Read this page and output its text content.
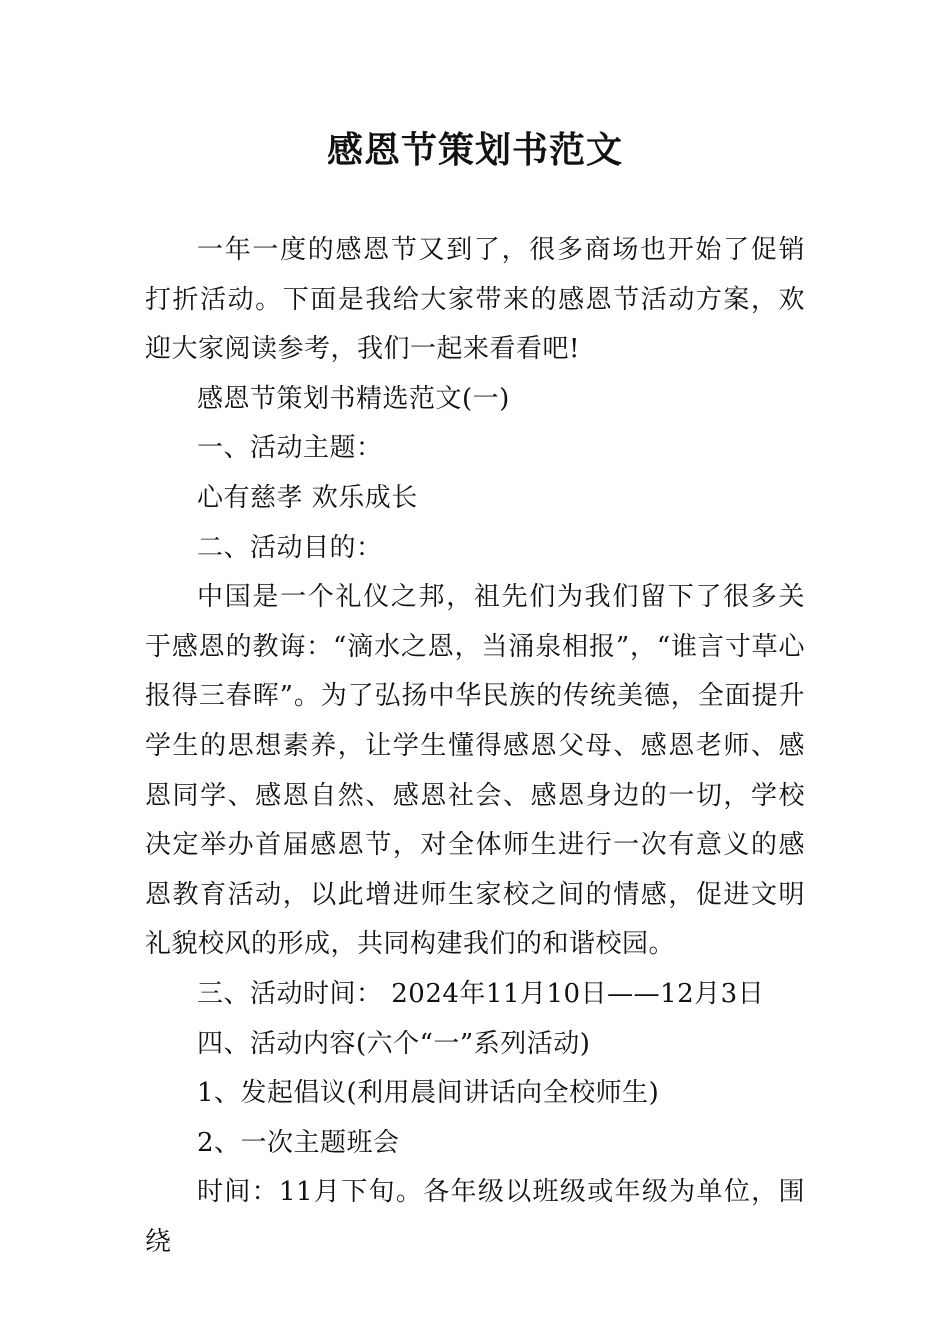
感恩节策划书范文

一年一度的感恩节又到了，很多商场也开始了促销打折活动。下面是我给大家带来的感恩节活动方案，欢迎大家阅读参考，我们一起来看看吧!

感恩节策划书精选范文(一)

一、活动主题：

心有慈孝 欢乐成长

二、活动目的：

中国是一个礼仪之邦，祖先们为我们留下了很多关于感恩的教诲：“滴水之恩，当涌泉相报”，“谁言寸草心报得三春晖”。为了弘扬中华民族的传统美德，全面提升学生的思想素养，让学生懂得感恩父母、感恩老师、感恩同学、感恩自然、感恩社会、感恩身边的一切，学校决定举办首届感恩节，对全体师生进行一次有意义的感恩教育活动，以此增进师生家校之间的情感，促进文明礼貌校风的形成，共同构建我们的和谐校园。

三、活动时间： 2024年11月10日——12月3日

四、活动内容(六个“一”系列活动)

1、发起倡议(利用晨间讲话向全校师生)

2、一次主题班会

时间：11月下旬。各年级以班级或年级为单位，围绕
